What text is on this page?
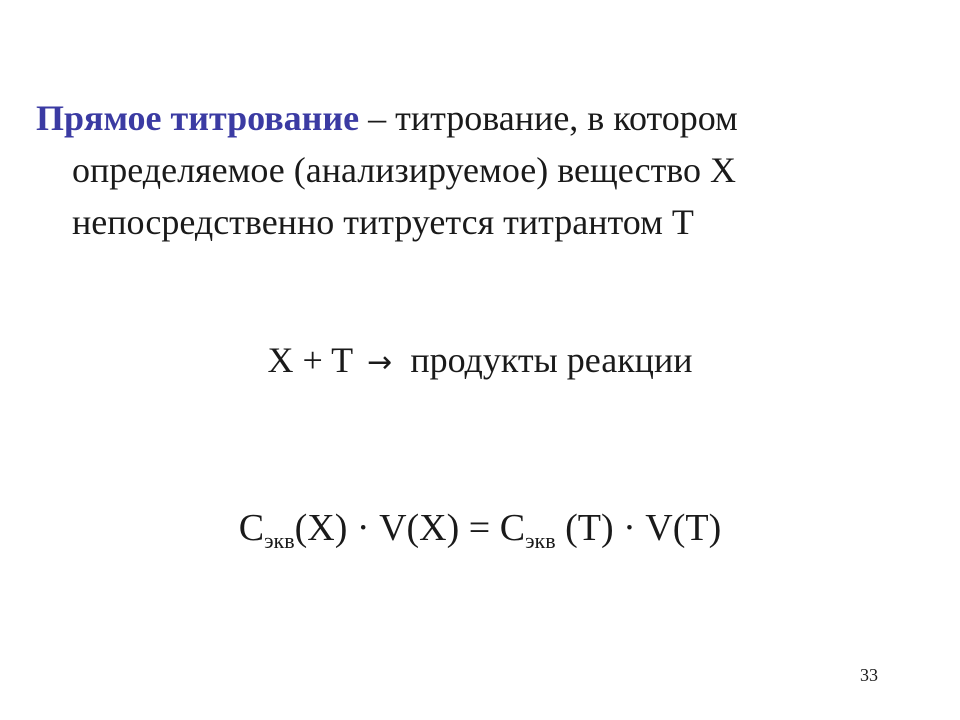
Прямое титрование – титрование, в котором
определяемое (анализируемое) вещество X
непосредственно титруется титрантом T
X + T → продукты реакции
$C_{экв}(X) \cdot V(X) = C_{экв}$ (T) · V(T)
33
